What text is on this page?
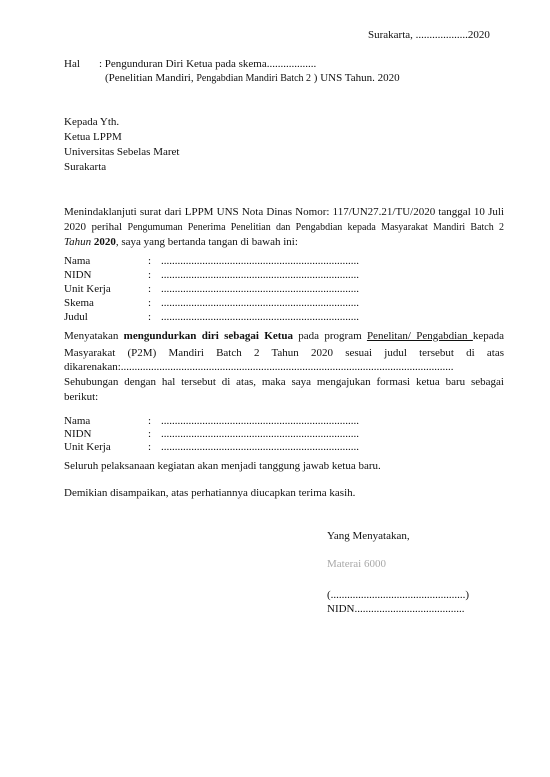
Surakarta, ...................2020
Hal : Pengunduran Diri Ketua pada skema..................
(Penelitian Mandiri, Pengabdian Mandiri Batch 2 ) UNS Tahun. 2020
Kepada Yth.
Ketua LPPM
Universitas Sebelas Maret
Surakarta
Menindaklanjuti surat dari LPPM UNS Nota Dinas Nomor: 117/UN27.21/TU/2020 tanggal 10 Juli
2020 perihal Pengumuman Penerima Penelitian dan Pengabdian kepada Masyarakat Mandiri Batch 2
Tahun 2020, saya yang bertanda tangan di bawah ini:
Nama	: ........................................................................
NIDN	: ........................................................................
Unit Kerja	: ........................................................................
Skema	: ........................................................................
Judul	: ........................................................................
Menyatakan mengundurkan diri sebagai Ketua pada program Penelitan/ Pengabdian kepada
Masyarakat (P2M) Mandiri Batch 2 Tahun 2020 sesuai judul tersebut di atas
dikarenakan:.........................................................................................................................
Sehubungan dengan hal tersebut di atas, maka saya mengajukan formasi ketua baru sebagai
berikut:
Nama	: ........................................................................
NIDN	: ........................................................................
Unit Kerja	: ........................................................................
Seluruh pelaksanaan kegiatan akan menjadi tanggung jawab ketua baru.
Demikian disampaikan, atas perhatiannya diucapkan terima kasih.
Yang Menyatakan,
Materai 6000
(.................................................)
NIDN........................................
